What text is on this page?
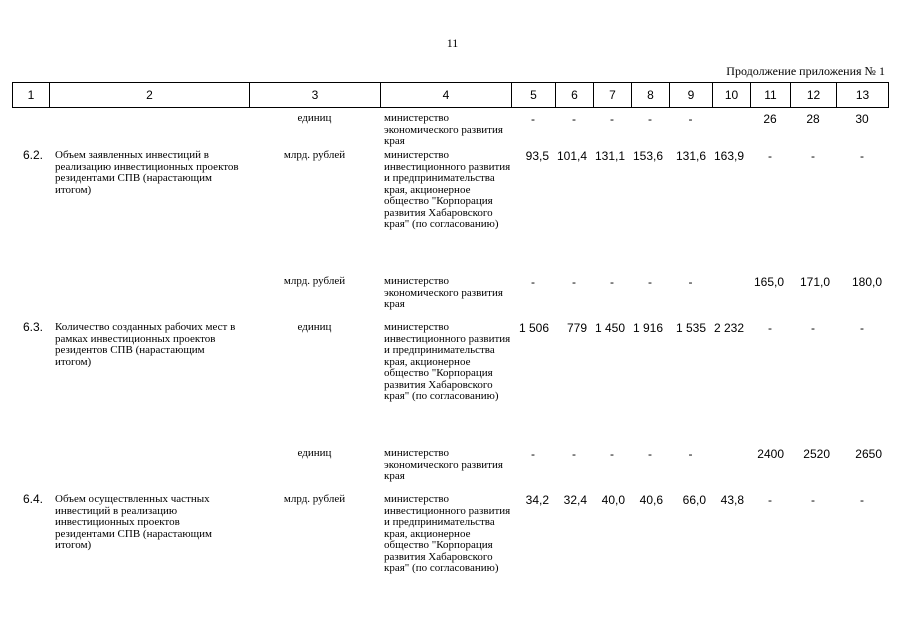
11
Продолжение приложения № 1
1	2	3	4	5	6	7	8	9	10	11	12	13
		единиц	министерство экономического развития края	-	-	-	-	-		26	28	30
6.2.	Объем заявленных инвестиций в реализацию инвестиционных проектов резидентами СПВ (нарастающим итогом)	млрд. рублей	министерство инвестиционного развития и предпринимательства края, акционерное общество "Корпорация развития Хабаровского края" (по согласованию)	93,5	101,4	131,1	153,6	131,6	163,9	-	-	-
		млрд. рублей	министерство экономического развития края	-	-	-	-	-		165,0	171,0	180,0
6.3.	Количество созданных рабочих мест в рамках инвестиционных проектов резидентов СПВ (нарастающим итогом)	единиц	министерство инвестиционного развития и предпринимательства края, акционерное общество "Корпорация развития Хабаровского края" (по согласованию)	1 506	779	1 450	1 916	1 535	2 232	-	-	-
		единиц	министерство экономического развития края	-	-	-	-	-		2400	2520	2650
6.4.	Объем осуществленных частных инвестиций в реализацию инвестиционных проектов резидентами СПВ (нарастающим итогом)	млрд. рублей	министерство инвестиционного развития и предпринимательства края, акционерное общество "Корпорация развития Хабаровского края" (по согласованию)	34,2	32,4	40,0	40,6	66,0	43,8	-	-	-
